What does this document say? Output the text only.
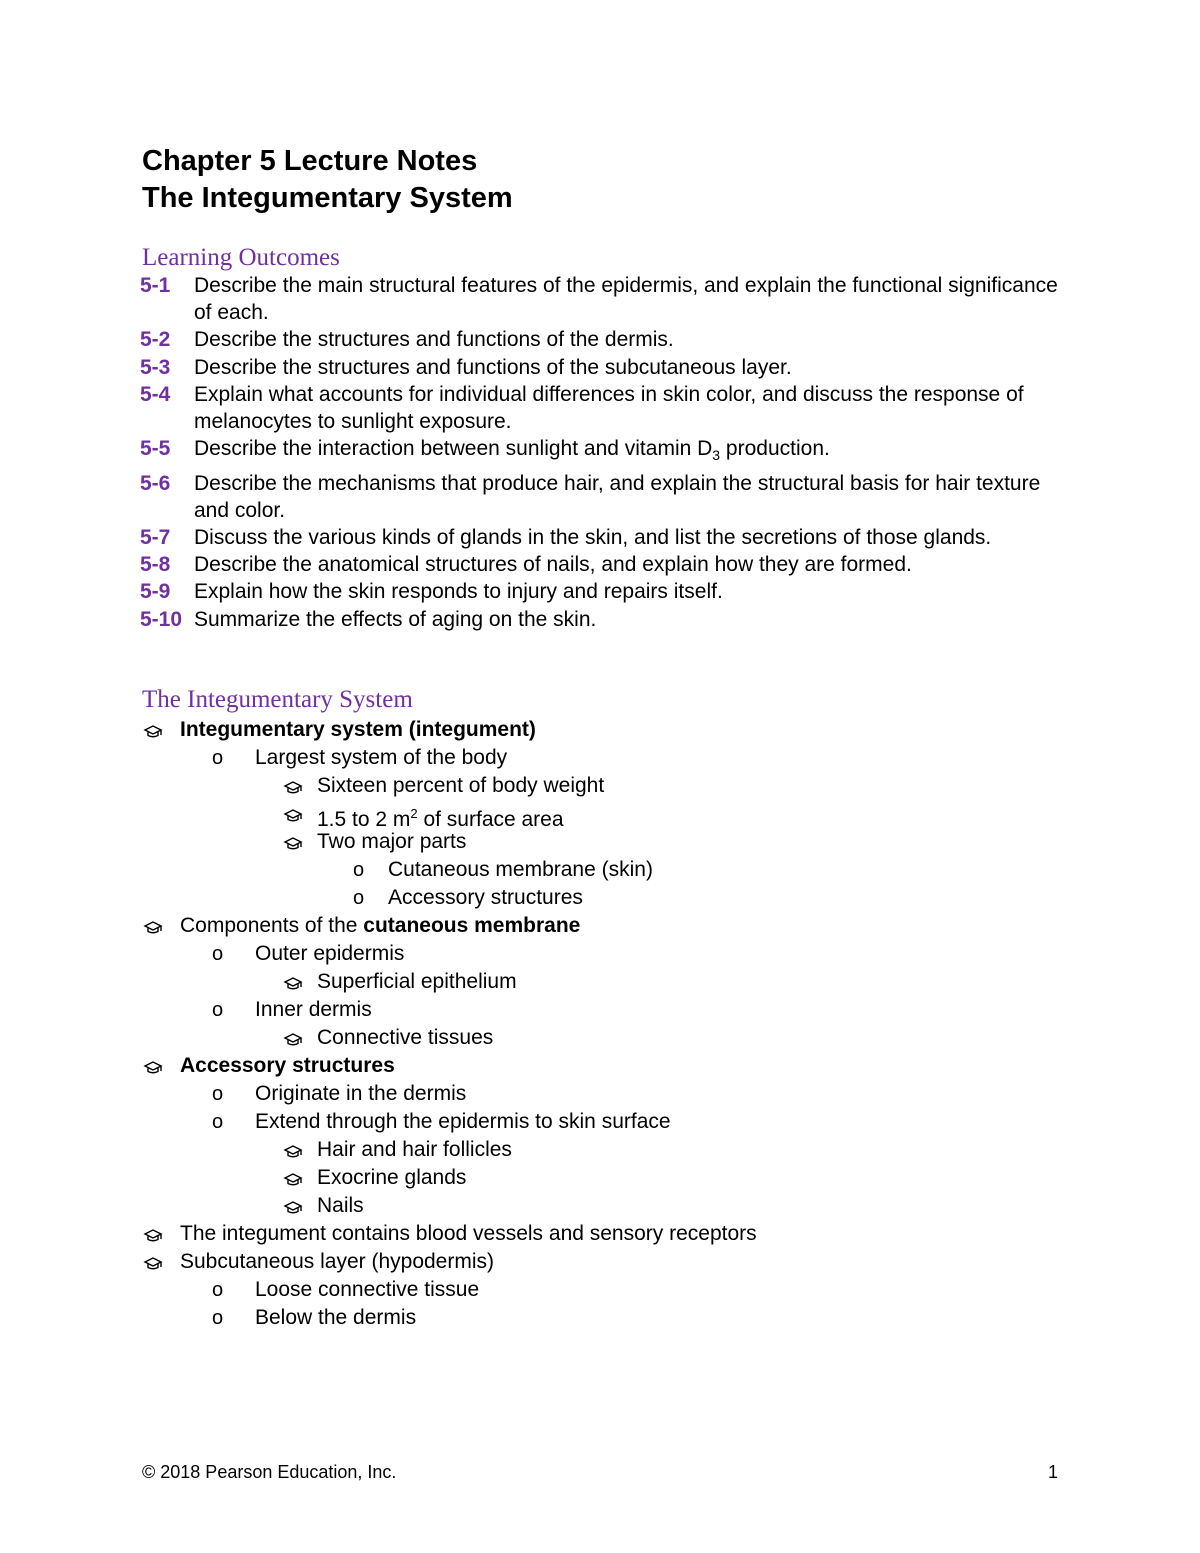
Chapter 5 Lecture Notes
The Integumentary System
Learning Outcomes
5-1	Describe the main structural features of the epidermis, and explain the functional significance of each.
5-2	Describe the structures and functions of the dermis.
5-3	Describe the structures and functions of the subcutaneous layer.
5-4	Explain what accounts for individual differences in skin color, and discuss the response of melanocytes to sunlight exposure.
5-5	Describe the interaction between sunlight and vitamin $D_3$ production.
5-6	Describe the mechanisms that produce hair, and explain the structural basis for hair texture and color.
5-7	Discuss the various kinds of glands in the skin, and list the secretions of those glands.
5-8	Describe the anatomical structures of nails, and explain how they are formed.
5-9	Explain how the skin responds to injury and repairs itself.
5-10 Summarize the effects of aging on the skin.
The Integumentary System
Integumentary system (integument)
o Largest system of the body
Sixteen percent of body weight
1.5 to 2 $m^2$ of surface area
Two major parts
o Cutaneous membrane (skin)
o Accessory structures
Components of the cutaneous membrane
o Outer epidermis
Superficial epithelium
o Inner dermis
Connective tissues
Accessory structures
o Originate in the dermis
o Extend through the epidermis to skin surface
Hair and hair follicles
Exocrine glands
Nails
The integument contains blood vessels and sensory receptors
Subcutaneous layer (hypodermis)
o Loose connective tissue
o Below the dermis
© 2018 Pearson Education, Inc.	1
